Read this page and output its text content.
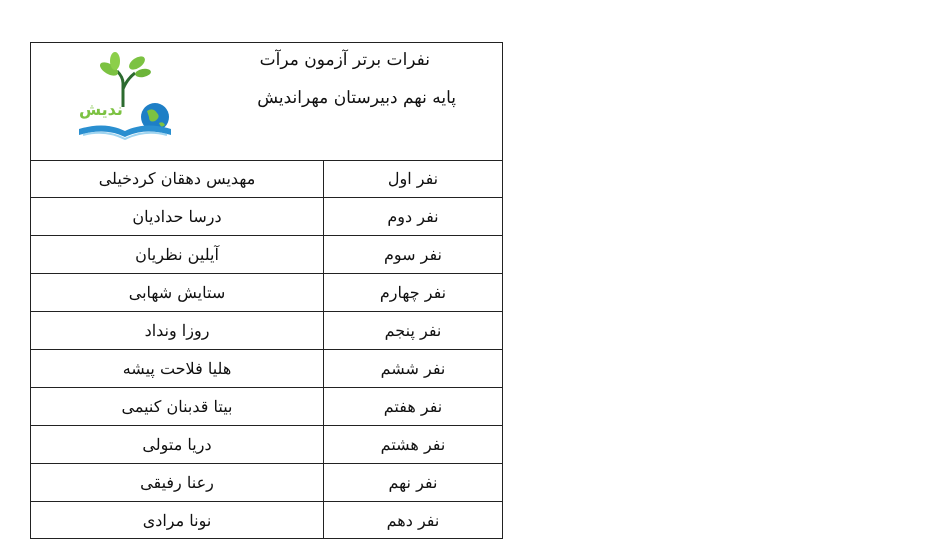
ندیش
نفرات برتر آزمون مرآت
پایه نهم دبیرستان مهراندیش
مهدیس دهقان کردخیلی	نفر اول
درسا حدادیان	نفر دوم
آیلین نظریان	نفر سوم
ستایش شهابی	نفر چهارم
روزا وندا‌د	نفر پنجم
هلیا فلاحت پیشه	نفر ششم
بیتا قدبنان کنیمی	نفر هفتم
دریا متولی	نفر هشتم
رعنا رفیقی	نفر نهم
نونا مرادی	نفر دهم
